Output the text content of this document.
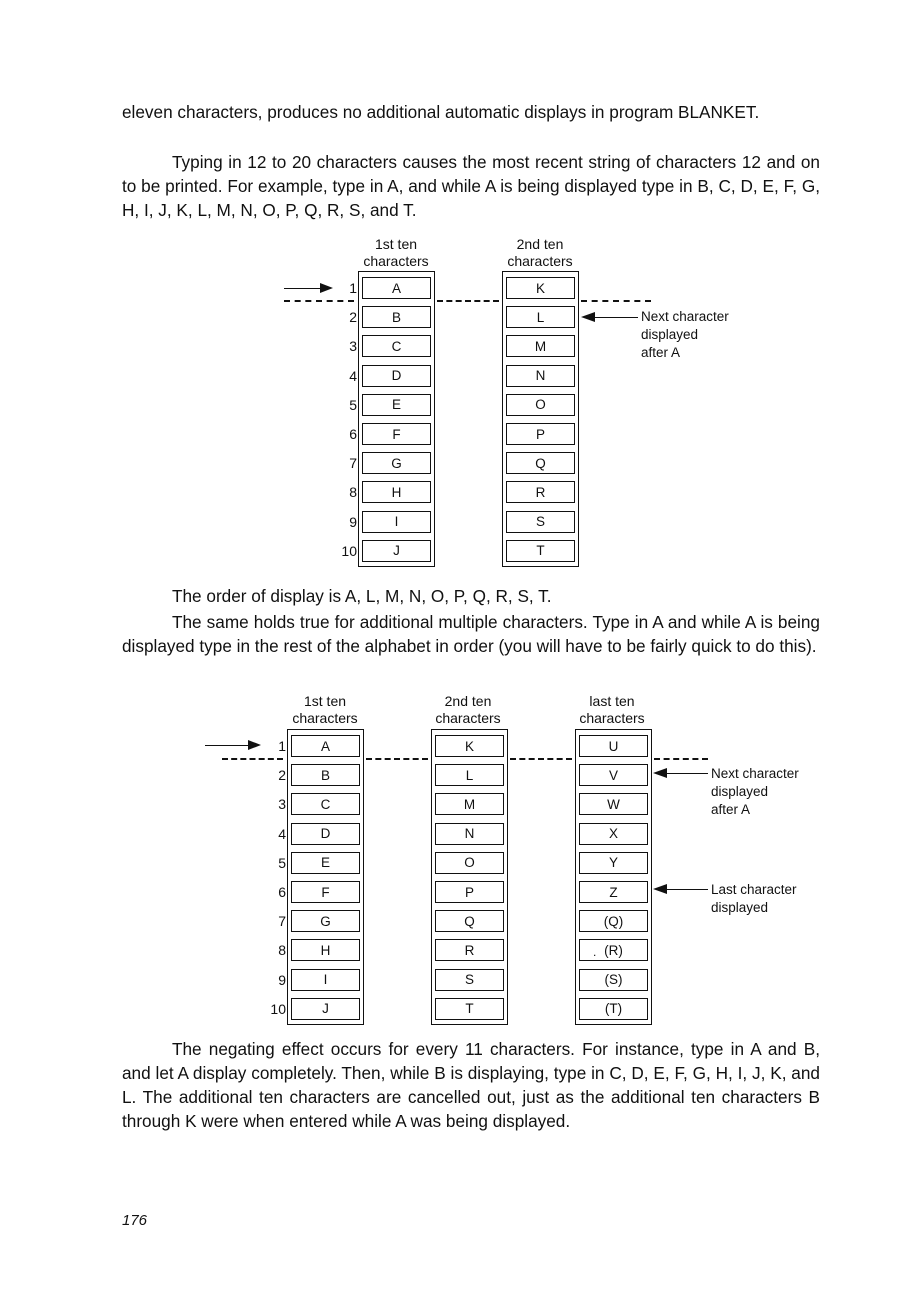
eleven characters, produces no additional automatic displays in program BLANKET.

Typing in 12 to 20 characters causes the most recent string of characters 12 and on to be printed. For example, type in A, and while A is being displayed type in B, C, D, E, F, G, H, I, J, K, L, M, N, O, P, Q, R, S, and T.

1st ten
characters
2nd ten
characters
1	A	K
2	B	L
3	C	M
4	D	N
5	E	O
6	F	P
7	G	Q
8	H	R
9	I	S
10	J	T
Next character
displayed
after A

The order of display is A, L, M, N, O, P, Q, R, S, T.

The same holds true for additional multiple characters. Type in A and while A is being displayed type in the rest of the alphabet in order (you will have to be fairly quick to do this).

1st ten
characters
2nd ten
characters
last ten
characters
1	A	K	U
2	B	L	V
3	C	M	W
4	D	N	X
5	E	O	Y
6	F	P	Z
7	G	Q	(Q)
8	H	R	(R)
9	I	S	(S)
10	J	T	(T)
Next character
displayed
after A
Last character
displayed
.

The negating effect occurs for every 11 characters. For instance, type in A and B, and let A display completely. Then, while B is displaying, type in C, D, E, F, G, H, I, J, K, and L. The additional ten characters are cancelled out, just as the additional ten characters B through K were when entered while A was being displayed.

176
